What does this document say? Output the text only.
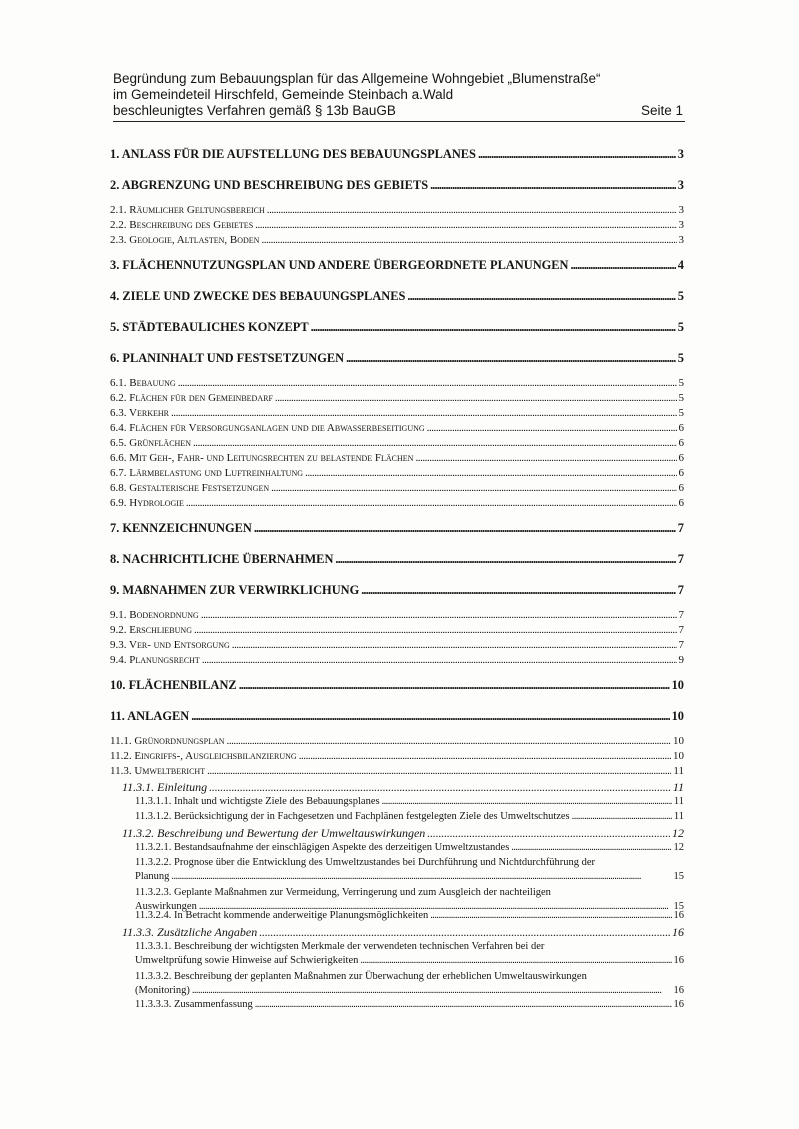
Begründung zum Bebauungsplan für das Allgemeine Wohngebiet „Blumenstraße“
im Gemeindeteil Hirschfeld, Gemeinde Steinbach a.Wald
beschleunigtes Verfahren gemäß § 13b BauGB	Seite 1
1. ANLASS FÜR DIE AUFSTELLUNG DES BEBAUUNGSPLANES . . .	3
2. ABGRENZUNG UND BESCHREIBUNG DES GEBIETS . . .	3
2.1. Räumlicher Geltungsbereich . . .	3
2.2. Beschreibung des Gebietes . . .	3
2.3. Geologie, Altlasten, Boden . . .	3
3. FLÄCHENNUTZUNGSPLAN UND ANDERE ÜBERGEORDNETE PLANUNGEN . . .	4
4. ZIELE UND ZWECKE DES BEBAUUNGSPLANES . . .	5
5. STÄDTEBAULICHES KONZEPT . . .	5
6. PLANINHALT UND FESTSETZUNGEN . . .	5
6.1. Bebauung . . .	5
6.2. Flächen für den Gemeinbedarf . . .	5
6.3. Verkehr . . .	5
6.4. Flächen für Versorgungsanlagen und die Abwasserbeseitigung . . .	6
6.5. Grünflächen . . .	6
6.6. Mit Geh-, Fahr- und Leitungsrechten zu belastende Flächen . . .	6
6.7. Lärmbelastung und Luftreinhaltung . . .	6
6.8. Gestalterische Festsetzungen . . .	6
6.9. Hydrologie . . .	6
7. KENNZEICHNUNGEN . . .	7
8. NACHRICHTLICHE ÜBERNAHMEN . . .	7
9. MAßNAHMEN ZUR VERWIRKLICHUNG . . .	7
9.1. Bodenordnung . . .	7
9.2. Erschliebung . . .	7
9.3. Ver- und Entsorgung . . .	7
9.4. Planungsrecht . . .	9
10. FLÄCHENBILANZ . . .	10
11. ANLAGEN . . .	10
11.1. Grünordnungsplan . . .	10
11.2. Eingriffs-, Ausgleichsbilanzierung . . .	10
11.3. Umweltbericht . . .	11
11.3.1. Einleitung . . .	11
11.3.1.1. Inhalt und wichtigste Ziele des Bebauungsplanes . . .	11
11.3.1.2. Berücksichtigung der in Fachgesetzen und Fachplänen festgelegten Ziele des Umweltschutzes . . .	11
11.3.2. Beschreibung und Bewertung der Umweltauswirkungen . . .	12
11.3.2.1. Bestandsaufnahme der einschlägigen Aspekte des derzeitigen Umweltzustandes . . .	12
11.3.2.2. Prognose über die Entwicklung des Umweltzustandes bei Durchführung und Nichtdurchführung der
Planung . . .	15
11.3.2.3. Geplante Maßnahmen zur Vermeidung, Verringerung und zum Ausgleich der nachteiligen
Auswirkungen . . .	15
11.3.2.4. In Betracht kommende anderweitige Planungsmöglichkeiten . . .	16
11.3.3. Zusätzliche Angaben . . .	16
11.3.3.1. Beschreibung der wichtigsten Merkmale der verwendeten technischen Verfahren bei der
Umweltprüfung sowie Hinweise auf Schwierigkeiten . . .	16
11.3.3.2. Beschreibung der geplanten Maßnahmen zur Überwachung der erheblichen Umweltauswirkungen
(Monitoring) . . .	16
11.3.3.3. Zusammenfassung . . .	16
